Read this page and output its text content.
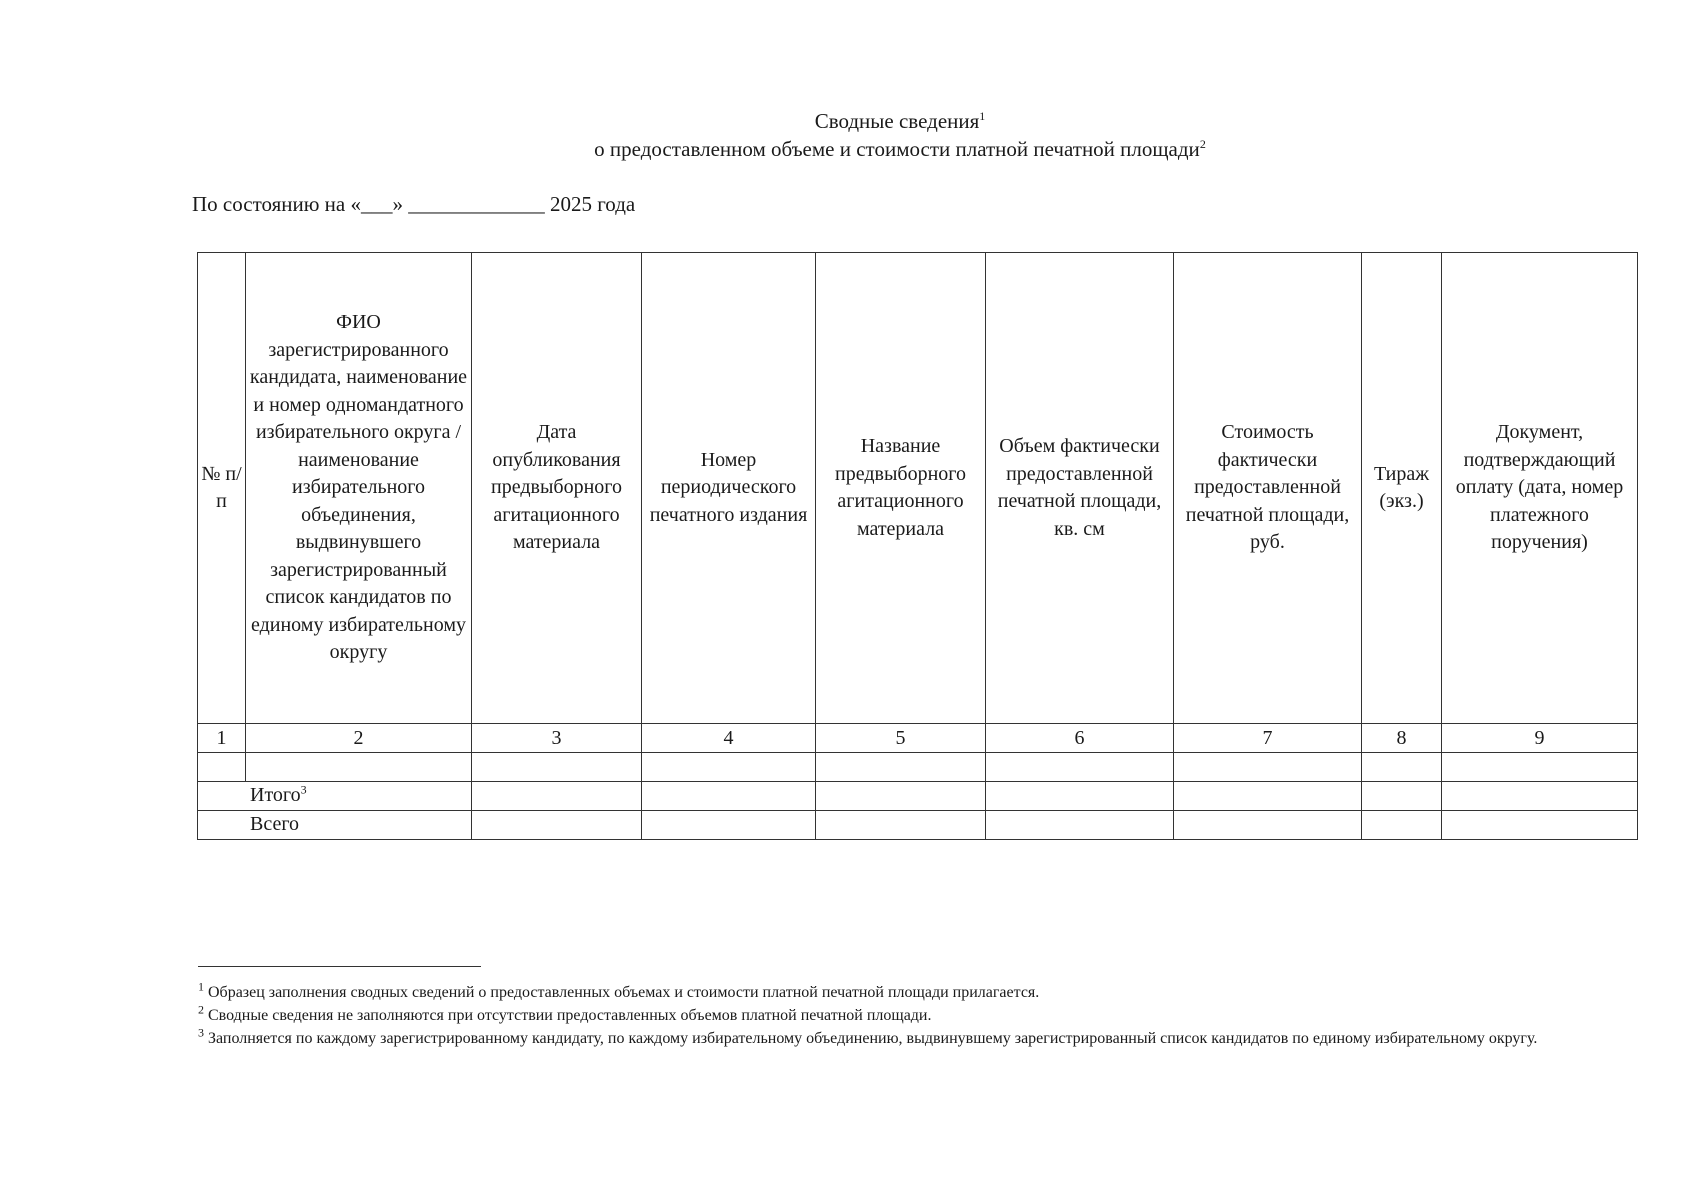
Сводные сведения$^1$
о предоставленном объеме и стоимости платной печатной площади$^2$
По состоянию на «___» _____________ 2025 года
№ п/п	ФИО зарегистрированного кандидата, наименование и номер одномандатного избирательного округа / наименование избирательного объединения, выдвинувшего зарегистрированный список кандидатов по единому избирательному округу	Дата опубликования предвыборного агитационного материала	Номер периодического печатного издания	Название предвыборного агитационного материала	Объем фактически предоставленной печатной площади, кв. см	Стоимость фактически предоставленной печатной площади, руб.	Тираж (экз.)	Документ, подтверждающий оплату (дата, номер платежного поручения)
1	2	3	4	5	6	7	8	9

Итого$^3$							
Всего								
$^1$ Образец заполнения сводных сведений о предоставленных объемах и стоимости платной печатной площади прилагается.
$^2$ Сводные сведения не заполняются при отсутствии предоставленных объемов платной печатной площади.
$^3$ Заполняется по каждому зарегистрированному кандидату, по каждому избирательному объединению, выдвинувшему зарегистрированный список кандидатов по единому избирательному округу.
